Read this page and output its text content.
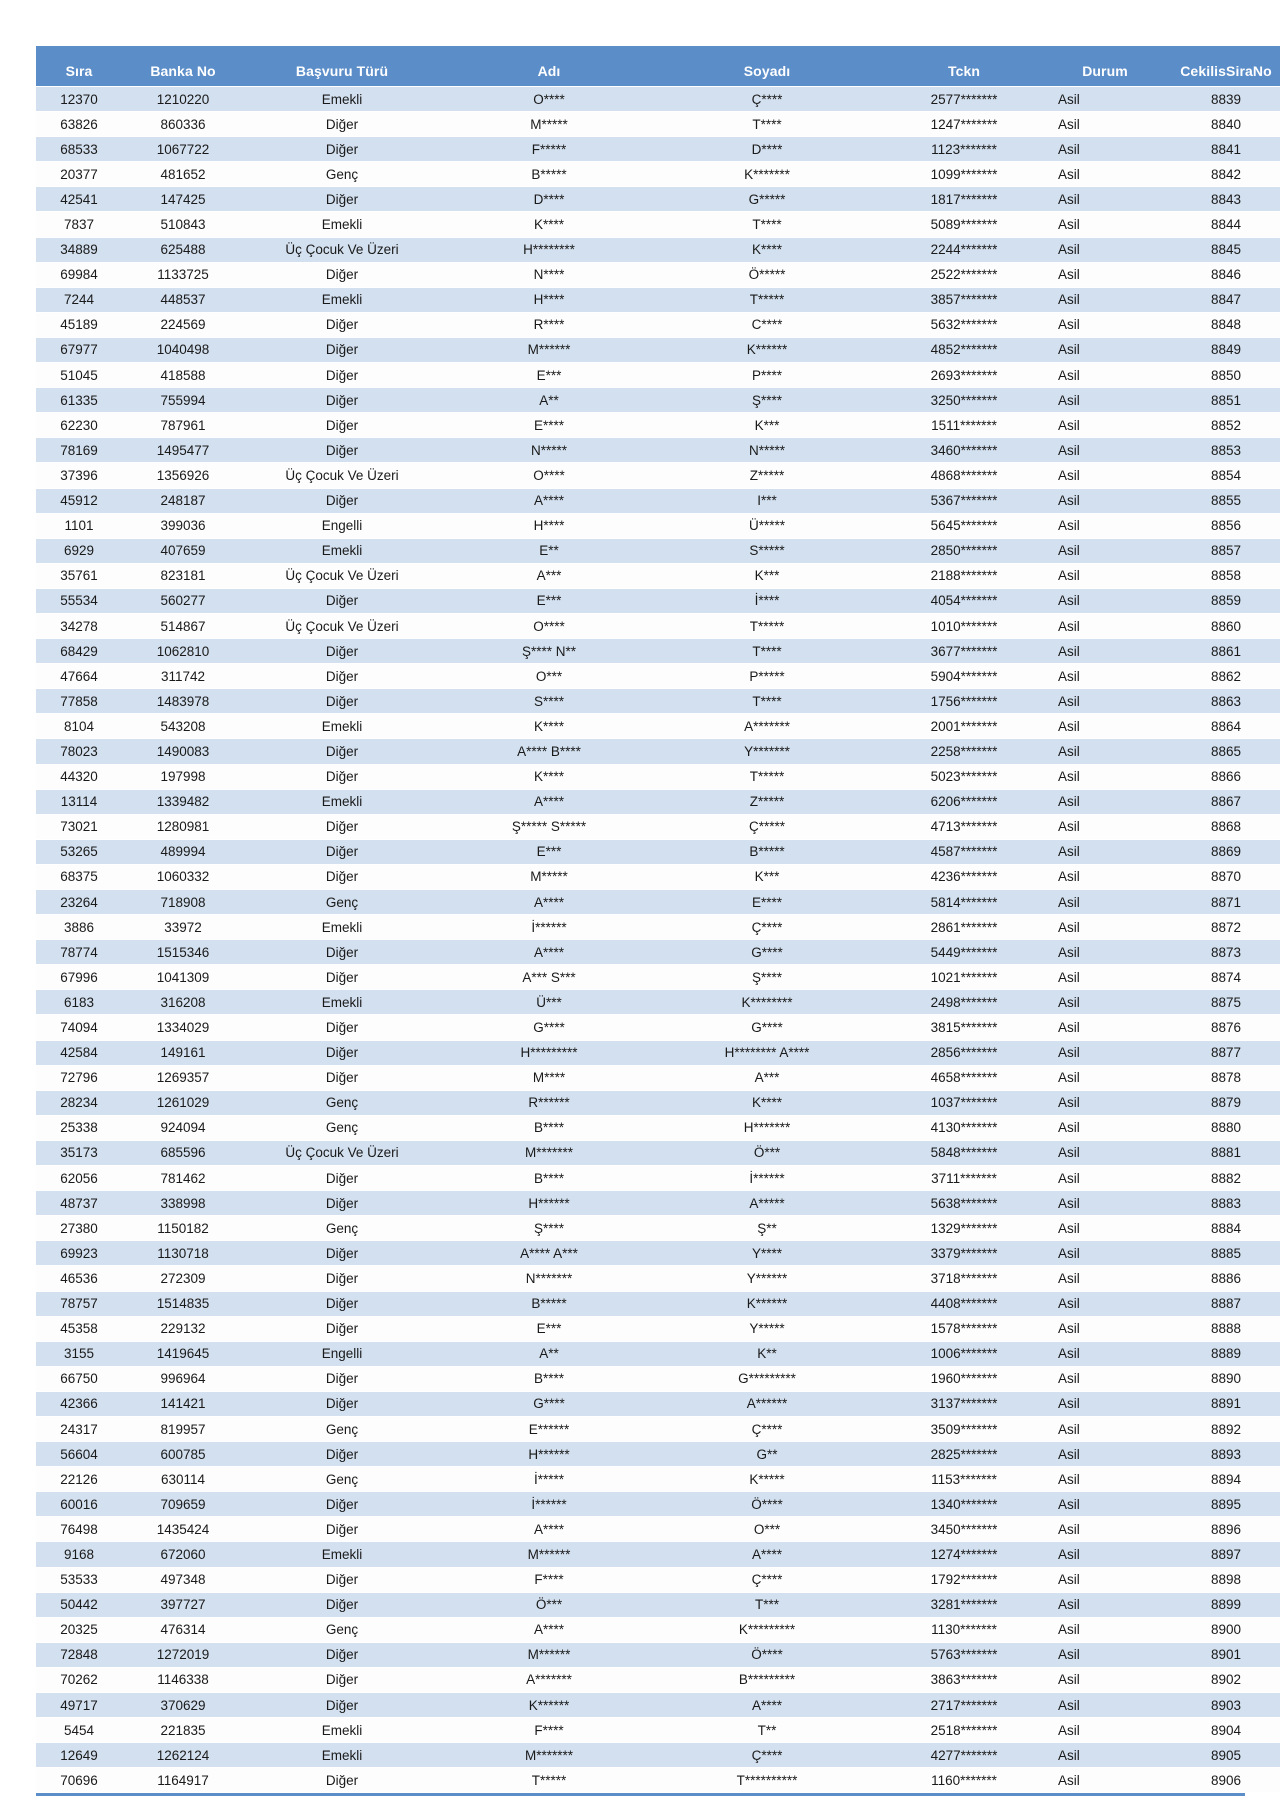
Sıra	Banka No	Başvuru Türü	Adı	Soyadı	Tckn	Durum	CekilisSiraNo
12370	1210220	Emekli	O****	Ç****	2577*******	Asil	8839
63826	860336	Diğer	M*****	T****	1247*******	Asil	8840
68533	1067722	Diğer	F*****	D****	1123*******	Asil	8841
20377	481652	Genç	B*****	K*******	1099*******	Asil	8842
42541	147425	Diğer	D****	G*****	1817*******	Asil	8843
7837	510843	Emekli	K****	T****	5089*******	Asil	8844
34889	625488	Üç Çocuk Ve Üzeri	H********	K****	2244*******	Asil	8845
69984	1133725	Diğer	N****	Ö*****	2522*******	Asil	8846
7244	448537	Emekli	H****	T*****	3857*******	Asil	8847
45189	224569	Diğer	R****	C****	5632*******	Asil	8848
67977	1040498	Diğer	M******	K******	4852*******	Asil	8849
51045	418588	Diğer	E***	P****	2693*******	Asil	8850
61335	755994	Diğer	A**	Ş****	3250*******	Asil	8851
62230	787961	Diğer	E****	K***	1511*******	Asil	8852
78169	1495477	Diğer	N*****	N*****	3460*******	Asil	8853
37396	1356926	Üç Çocuk Ve Üzeri	O****	Z*****	4868*******	Asil	8854
45912	248187	Diğer	A****	I***	5367*******	Asil	8855
1101	399036	Engelli	H****	Ü*****	5645*******	Asil	8856
6929	407659	Emekli	E**	S*****	2850*******	Asil	8857
35761	823181	Üç Çocuk Ve Üzeri	A***	K***	2188*******	Asil	8858
55534	560277	Diğer	E***	İ****	4054*******	Asil	8859
34278	514867	Üç Çocuk Ve Üzeri	O****	T*****	1010*******	Asil	8860
68429	1062810	Diğer	Ş**** N**	T****	3677*******	Asil	8861
47664	311742	Diğer	O***	P*****	5904*******	Asil	8862
77858	1483978	Diğer	S****	T****	1756*******	Asil	8863
8104	543208	Emekli	K****	A*******	2001*******	Asil	8864
78023	1490083	Diğer	A**** B****	Y*******	2258*******	Asil	8865
44320	197998	Diğer	K****	T*****	5023*******	Asil	8866
13114	1339482	Emekli	A****	Z*****	6206*******	Asil	8867
73021	1280981	Diğer	Ş***** S*****	Ç*****	4713*******	Asil	8868
53265	489994	Diğer	E***	B*****	4587*******	Asil	8869
68375	1060332	Diğer	M*****	K***	4236*******	Asil	8870
23264	718908	Genç	A****	E****	5814*******	Asil	8871
3886	33972	Emekli	İ******	Ç****	2861*******	Asil	8872
78774	1515346	Diğer	A****	G****	5449*******	Asil	8873
67996	1041309	Diğer	A*** S***	Ş****	1021*******	Asil	8874
6183	316208	Emekli	Ü***	K********	2498*******	Asil	8875
74094	1334029	Diğer	G****	G****	3815*******	Asil	8876
42584	149161	Diğer	H*********	H******** A****	2856*******	Asil	8877
72796	1269357	Diğer	M****	A***	4658*******	Asil	8878
28234	1261029	Genç	R******	K****	1037*******	Asil	8879
25338	924094	Genç	B****	H*******	4130*******	Asil	8880
35173	685596	Üç Çocuk Ve Üzeri	M*******	Ö***	5848*******	Asil	8881
62056	781462	Diğer	B****	İ******	3711*******	Asil	8882
48737	338998	Diğer	H******	A*****	5638*******	Asil	8883
27380	1150182	Genç	Ş****	Ş**	1329*******	Asil	8884
69923	1130718	Diğer	A**** A***	Y****	3379*******	Asil	8885
46536	272309	Diğer	N*******	Y******	3718*******	Asil	8886
78757	1514835	Diğer	B*****	K******	4408*******	Asil	8887
45358	229132	Diğer	E***	Y*****	1578*******	Asil	8888
3155	1419645	Engelli	A**	K**	1006*******	Asil	8889
66750	996964	Diğer	B****	G*********	1960*******	Asil	8890
42366	141421	Diğer	G****	A******	3137*******	Asil	8891
24317	819957	Genç	E******	Ç****	3509*******	Asil	8892
56604	600785	Diğer	H******	G**	2825*******	Asil	8893
22126	630114	Genç	İ*****	K*****	1153*******	Asil	8894
60016	709659	Diğer	İ******	Ö****	1340*******	Asil	8895
76498	1435424	Diğer	A****	O***	3450*******	Asil	8896
9168	672060	Emekli	M******	A****	1274*******	Asil	8897
53533	497348	Diğer	F****	Ç****	1792*******	Asil	8898
50442	397727	Diğer	Ö***	T***	3281*******	Asil	8899
20325	476314	Genç	A****	K*********	1130*******	Asil	8900
72848	1272019	Diğer	M******	Ö****	5763*******	Asil	8901
70262	1146338	Diğer	A*******	B*********	3863*******	Asil	8902
49717	370629	Diğer	K******	A****	2717*******	Asil	8903
5454	221835	Emekli	F****	T**	2518*******	Asil	8904
12649	1262124	Emekli	M*******	Ç****	4277*******	Asil	8905
70696	1164917	Diğer	T*****	T**********	1160*******	Asil	8906
